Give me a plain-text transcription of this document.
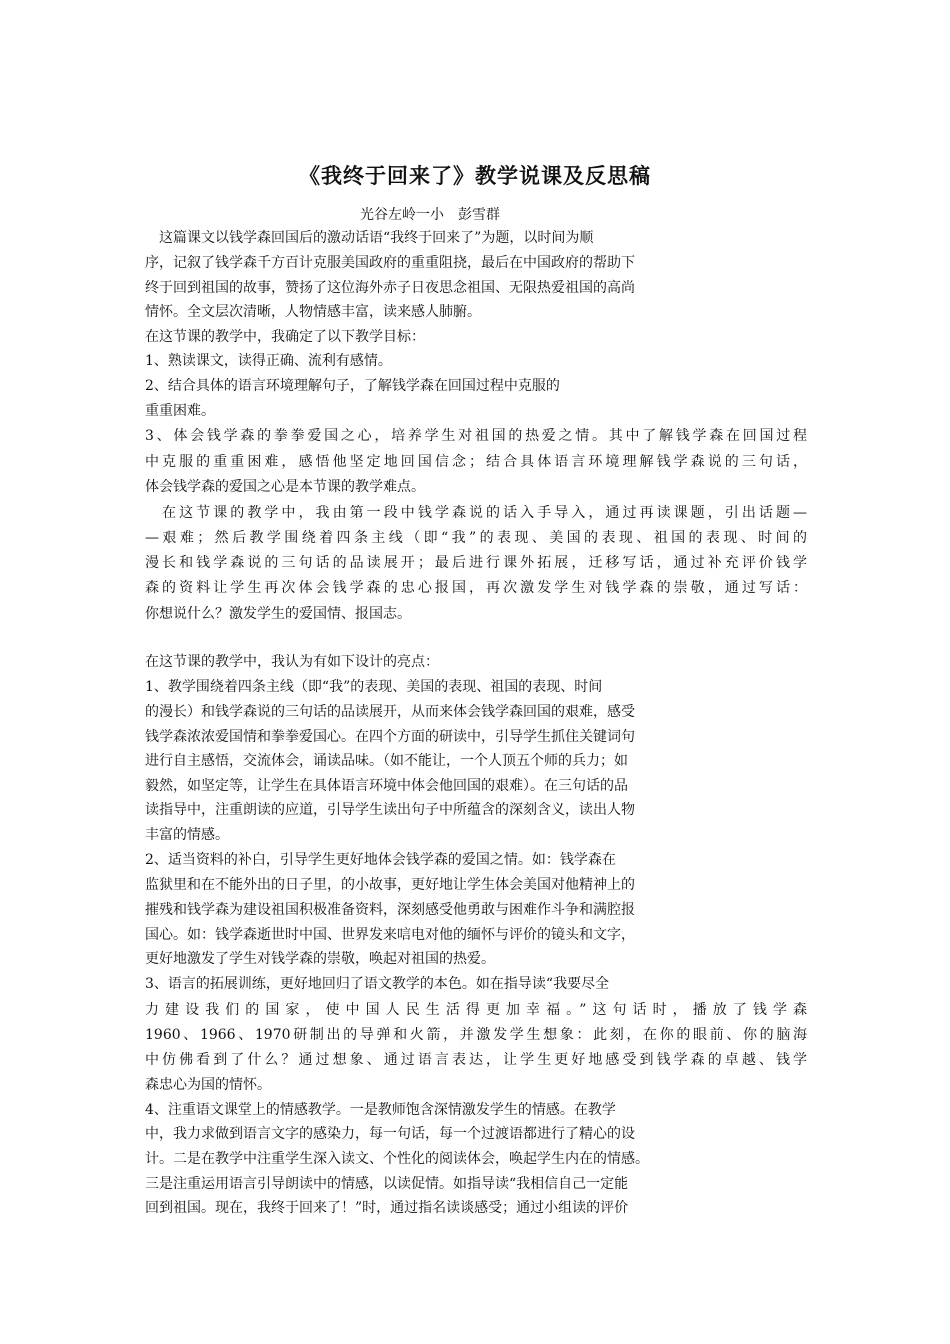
《我终于回来了》教学说课及反思稿
光谷左岭一小　彭雪群
　这篇课文以钱学森回国后的激动话语“我终于回来了”为题，以时间为顺
序，记叙了钱学森千方百计克服美国政府的重重阻挠，最后在中国政府的帮助下
终于回到祖国的故事，赞扬了这位海外赤子日夜思念祖国、无限热爱祖国的高尚
情怀。全文层次清晰，人物情感丰富，读来感人肺腑。
在这节课的教学中，我确定了以下教学目标：
1、熟读课文，读得正确、流利有感情。
2、结合具体的语言环境理解句子，了解钱学森在回国过程中克服的
重重困难。
3、体会钱学森的拳拳爱国之心，培养学生对祖国的热爱之情。其中了解钱学森在回国过程
中克服的重重困难，感悟他坚定地回国信念；结合具体语言环境理解钱学森说的三句话，
体会钱学森的爱国之心是本节课的教学难点。
　在这节课的教学中，我由第一段中钱学森说的话入手导入，通过再读课题，引出话题—
—艰难；然后教学围绕着四条主线（即“我”的表现、美国的表现、祖国的表现、时间的
漫长和钱学森说的三句话的品读展开；最后进行课外拓展，迁移写话，通过补充评价钱学
森的资料让学生再次体会钱学森的忠心报国，再次激发学生对钱学森的崇敬，通过写话：
你想说什么？激发学生的爱国情、报国志。
在这节课的教学中，我认为有如下设计的亮点：
1、教学围绕着四条主线（即“我”的表现、美国的表现、祖国的表现、时间
的漫长）和钱学森说的三句话的品读展开，从而来体会钱学森回国的艰难，感受
钱学森浓浓爱国情和拳拳爱国心。在四个方面的研读中，引导学生抓住关键词句
进行自主感悟，交流体会，诵读品味。（如不能让，一个人顶五个师的兵力；如
毅然，如坚定等，让学生在具体语言环境中体会他回国的艰难）。在三句话的品
读指导中，注重朗读的应道，引导学生读出句子中所蕴含的深刻含义，读出人物
丰富的情感。
2、适当资料的补白，引导学生更好地体会钱学森的爱国之情。如：钱学森在
监狱里和在不能外出的日子里，的小故事，更好地让学生体会美国对他精神上的
摧残和钱学森为建设祖国积极准备资料，深刻感受他勇敢与困难作斗争和满腔报
国心。如：钱学森逝世时中国、世界发来唁电对他的缅怀与评价的镜头和文字，
更好地激发了学生对钱学森的崇敬，唤起对祖国的热爱。
3、语言的拓展训练，更好地回归了语文教学的本色。如在指导读“我要尽全
力建设我们的国家，使中国人民生活得更加幸福。”这句话时，播放了钱学森
1960、1966、1970研制出的导弹和火箭，并激发学生想象：此刻，在你的眼前、你的脑海
中仿佛看到了什么？通过想象、通过语言表达，让学生更好地感受到钱学森的卓越、钱学
森忠心为国的情怀。
4、注重语文课堂上的情感教学。一是教师饱含深情激发学生的情感。在教学
中，我力求做到语言文字的感染力，每一句话，每一个过渡语都进行了精心的设
计。二是在教学中注重学生深入读文、个性化的阅读体会，唤起学生内在的情感。
三是注重运用语言引导朗读中的情感，以读促情。如指导读“我相信自己一定能
回到祖国。现在，我终于回来了！”时，通过指名读谈感受；通过小组读的评价
